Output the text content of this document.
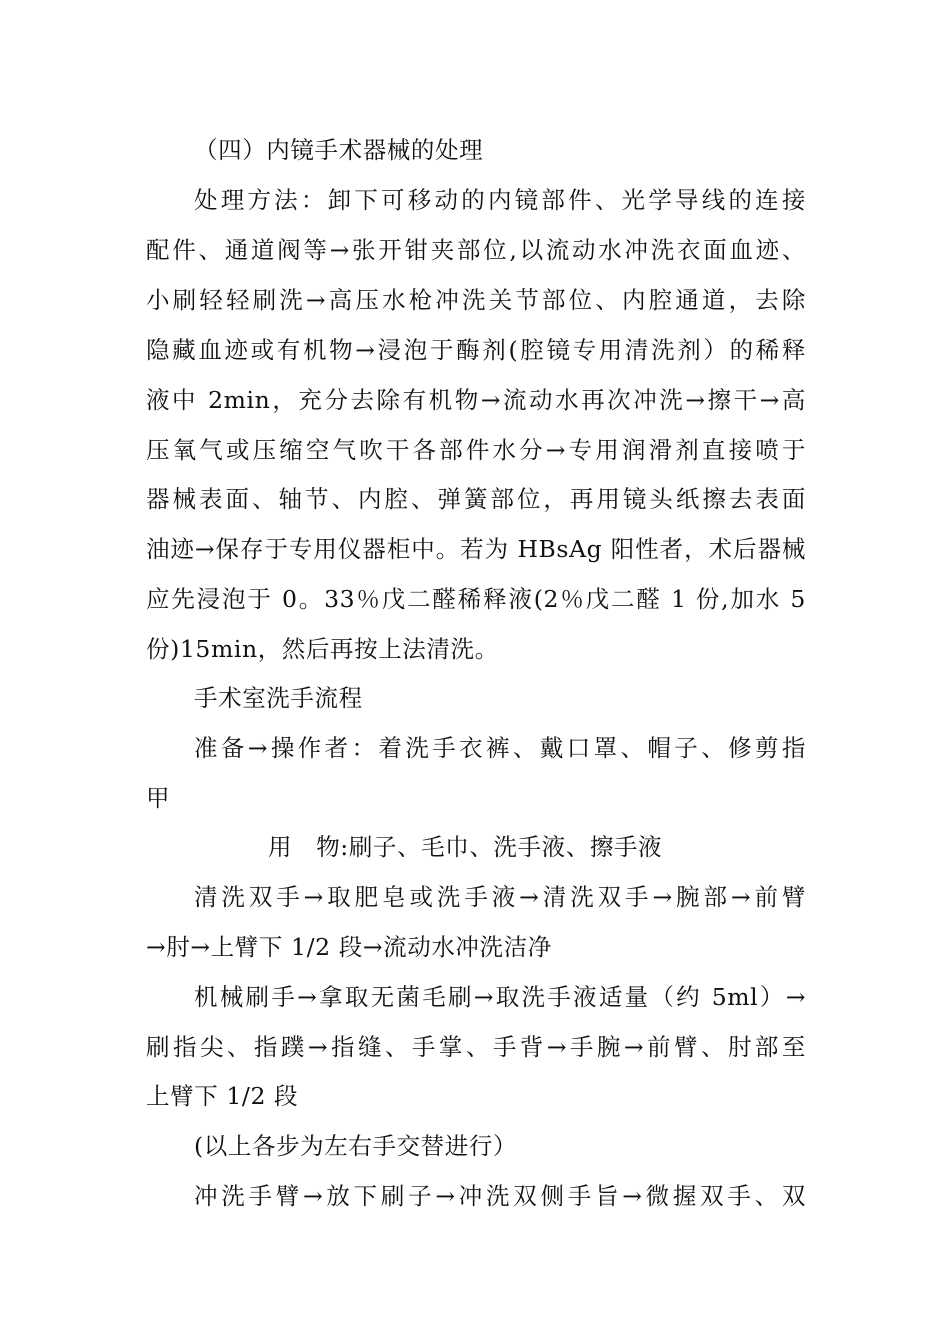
（四）内镜手术器械的处理
处理方法：卸下可移动的内镜部件、光学导线的连接
配件、通道阀等→张开钳夹部位,以流动水冲洗衣面血迹、
小刷轻轻刷洗→高压水枪冲洗关节部位、内腔通道，去除
隐藏血迹或有机物→浸泡于酶剂(腔镜专用清洗剂）的稀释
液中 2min，充分去除有机物→流动水再次冲洗→擦干→高
压氧气或压缩空气吹干各部件水分→专用润滑剂直接喷于
器械表面、轴节、内腔、弹簧部位，再用镜头纸擦去表面
油迹→保存于专用仪器柜中。若为 HBsAg 阳性者，术后器械
应先浸泡于 0。33％戊二醛稀释液(2％戊二醛 1 份,加水 5
份)15min，然后再按上法清洗。
手术室洗手流程
准备→操作者：着洗手衣裤、戴口罩、帽子、修剪指
甲
用　物:刷子、毛巾、洗手液、擦手液
清洗双手→取肥皂或洗手液→清洗双手→腕部→前臂
→肘→上臂下 1/2 段→流动水冲洗洁净
机械刷手→拿取无菌毛刷→取洗手液适量（约 5ml）→
刷指尖、指蹼→指缝、手掌、手背→手腕→前臂、肘部至
上臂下 1/2 段
(以上各步为左右手交替进行）
冲洗手臂→放下刷子→冲洗双侧手旨→微握双手、双
